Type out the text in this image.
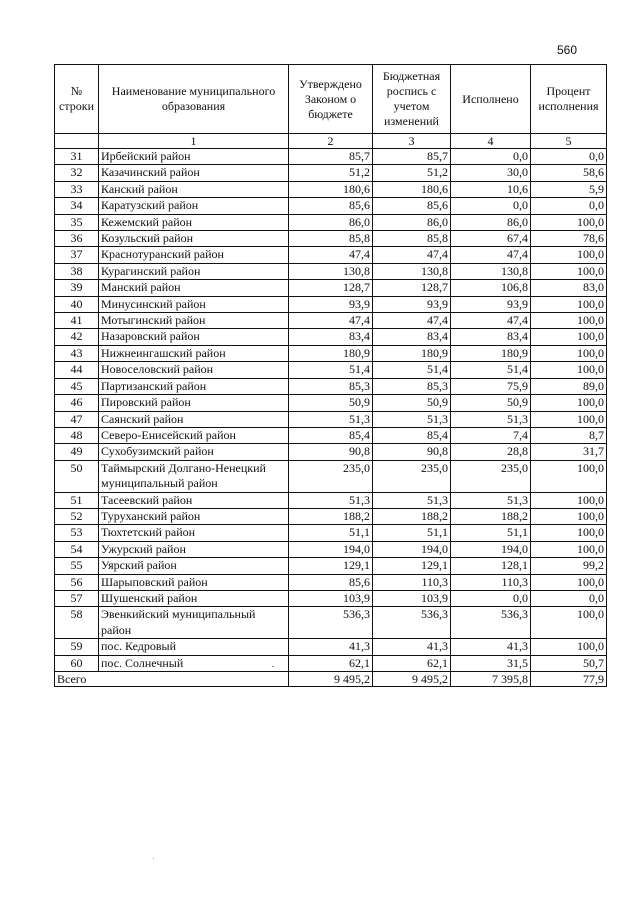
560
№ строки	Наименование муниципального образования	Утверждено Законом о бюджете	Бюджетная роспись с учетом изменений	Исполнено	Процент исполнения
	1	2	3	4	5
31	Ирбейский район	85,7	85,7	0,0	0,0
32	Казачинский район	51,2	51,2	30,0	58,6
33	Канский район	180,6	180,6	10,6	5,9
34	Каратузский район	85,6	85,6	0,0	0,0
35	Кежемский район	86,0	86,0	86,0	100,0
36	Козульский район	85,8	85,8	67,4	78,6
37	Краснотуранский район	47,4	47,4	47,4	100,0
38	Курагинский район	130,8	130,8	130,8	100,0
39	Манский район	128,7	128,7	106,8	83,0
40	Минусинский район	93,9	93,9	93,9	100,0
41	Мотыгинский район	47,4	47,4	47,4	100,0
42	Назаровский район	83,4	83,4	83,4	100,0
43	Нижнеингашский район	180,9	180,9	180,9	100,0
44	Новоселовский район	51,4	51,4	51,4	100,0
45	Партизанский район	85,3	85,3	75,9	89,0
46	Пировский район	50,9	50,9	50,9	100,0
47	Саянский район	51,3	51,3	51,3	100,0
48	Северо-Енисейский район	85,4	85,4	7,4	8,7
49	Сухобузимский район	90,8	90,8	28,8	31,7
50	Таймырский Долгано-Ненецкий муниципальный район	235,0	235,0	235,0	100,0
51	Тасеевский район	51,3	51,3	51,3	100,0
52	Туруханский район	188,2	188,2	188,2	100,0
53	Тюхтетский район	51,1	51,1	51,1	100,0
54	Ужурский район	194,0	194,0	194,0	100,0
55	Уярский район	129,1	129,1	128,1	99,2
56	Шарыповский район	85,6	110,3	110,3	100,0
57	Шушенский район	103,9	103,9	0,0	0,0
58	Эвенкийский муниципальный район	536,3	536,3	536,3	100,0
59	пос. Кедровый	41,3	41,3	41,3	100,0
60	пос. Солнечный	62,1	62,1	31,5	50,7
Всего		9 495,2	9 495,2	7 395,8	77,9
